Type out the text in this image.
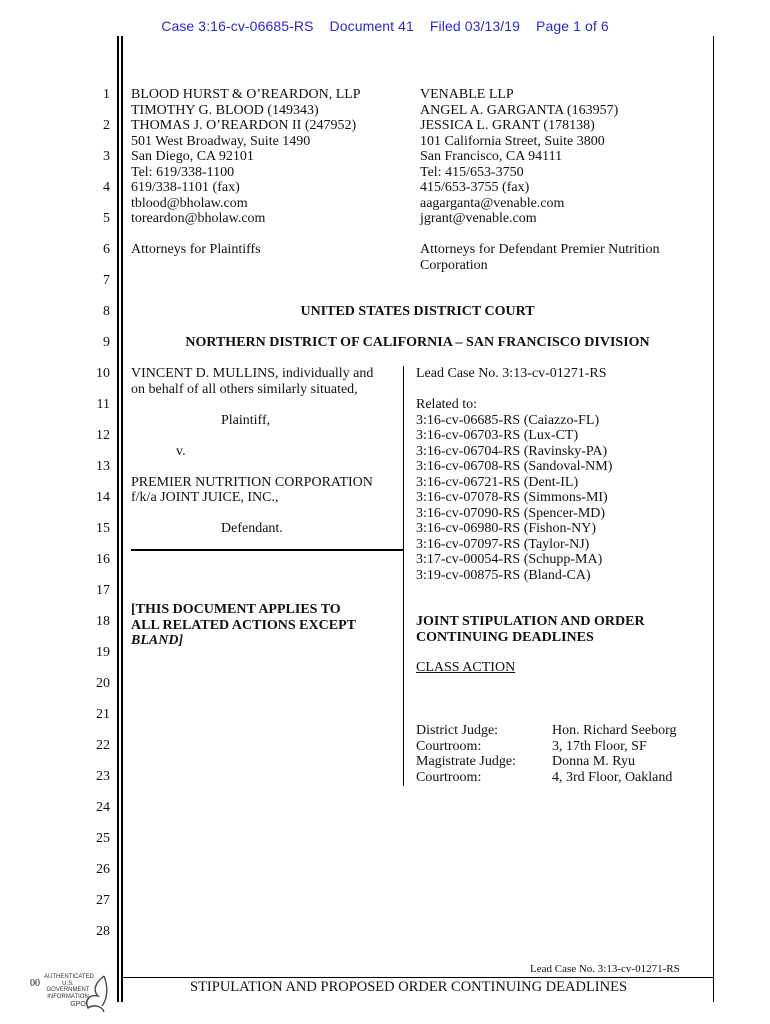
Case 3:16-cv-06685-RS Document 41 Filed 03/13/19 Page 1 of 6
1
2
3
4
5
6
7
8
9
10
11
12
13
14
15
16
17
18
19
20
21
22
23
24
25
26
27
28
BLOOD HURST & O’REARDON, LLP
TIMOTHY G. BLOOD (149343)
THOMAS J. O’REARDON II (247952)
501 West Broadway, Suite 1490
San Diego, CA 92101
Tel: 619/338-1100
619/338-1101 (fax)
tblood@bholaw.com
toreardon@bholaw.com
Attorneys for Plaintiffs
VENABLE LLP
ANGEL A. GARGANTA (163957)
JESSICA L. GRANT (178138)
101 California Street, Suite 3800
San Francisco, CA 94111
Tel: 415/653-3750
415/653-3755 (fax)
aagarganta@venable.com
jgrant@venable.com
Attorneys for Defendant Premier Nutrition
Corporation
UNITED STATES DISTRICT COURT
NORTHERN DISTRICT OF CALIFORNIA – SAN FRANCISCO DIVISION
VINCENT D. MULLINS, individually and
on behalf of all others similarly situated,
Plaintiff,
v.
PREMIER NUTRITION CORPORATION
f/k/a JOINT JUICE, INC.,
Defendant.
[THIS DOCUMENT APPLIES TO
ALL RELATED ACTIONS EXCEPT
BLAND]
Lead Case No. 3:13-cv-01271-RS
Related to:
3:16-cv-06685-RS (Caiazzo-FL)
3:16-cv-06703-RS (Lux-CT)
3:16-cv-06704-RS (Ravinsky-PA)
3:16-cv-06708-RS (Sandoval-NM)
3:16-cv-06721-RS (Dent-IL)
3:16-cv-07078-RS (Simmons-MI)
3:16-cv-07090-RS (Spencer-MD)
3:16-cv-06980-RS (Fishon-NY)
3:16-cv-07097-RS (Taylor-NJ)
3:17-cv-00054-RS (Schupp-MA)
3:19-cv-00875-RS (Bland-CA)
JOINT STIPULATION AND ORDER
CONTINUING DEADLINES
CLASS ACTION
District Judge:	Hon. Richard Seeborg
Courtroom:	3, 17th Floor, SF
Magistrate Judge:	Donna M. Ryu
Courtroom:	4, 3rd Floor, Oakland
Lead Case No. 3:13-cv-01271-RS
STIPULATION AND PROPOSED ORDER CONTINUING DEADLINES
00
AUTHENTICATED
U.S. GOVERNMENT
INFORMATION
GPO
